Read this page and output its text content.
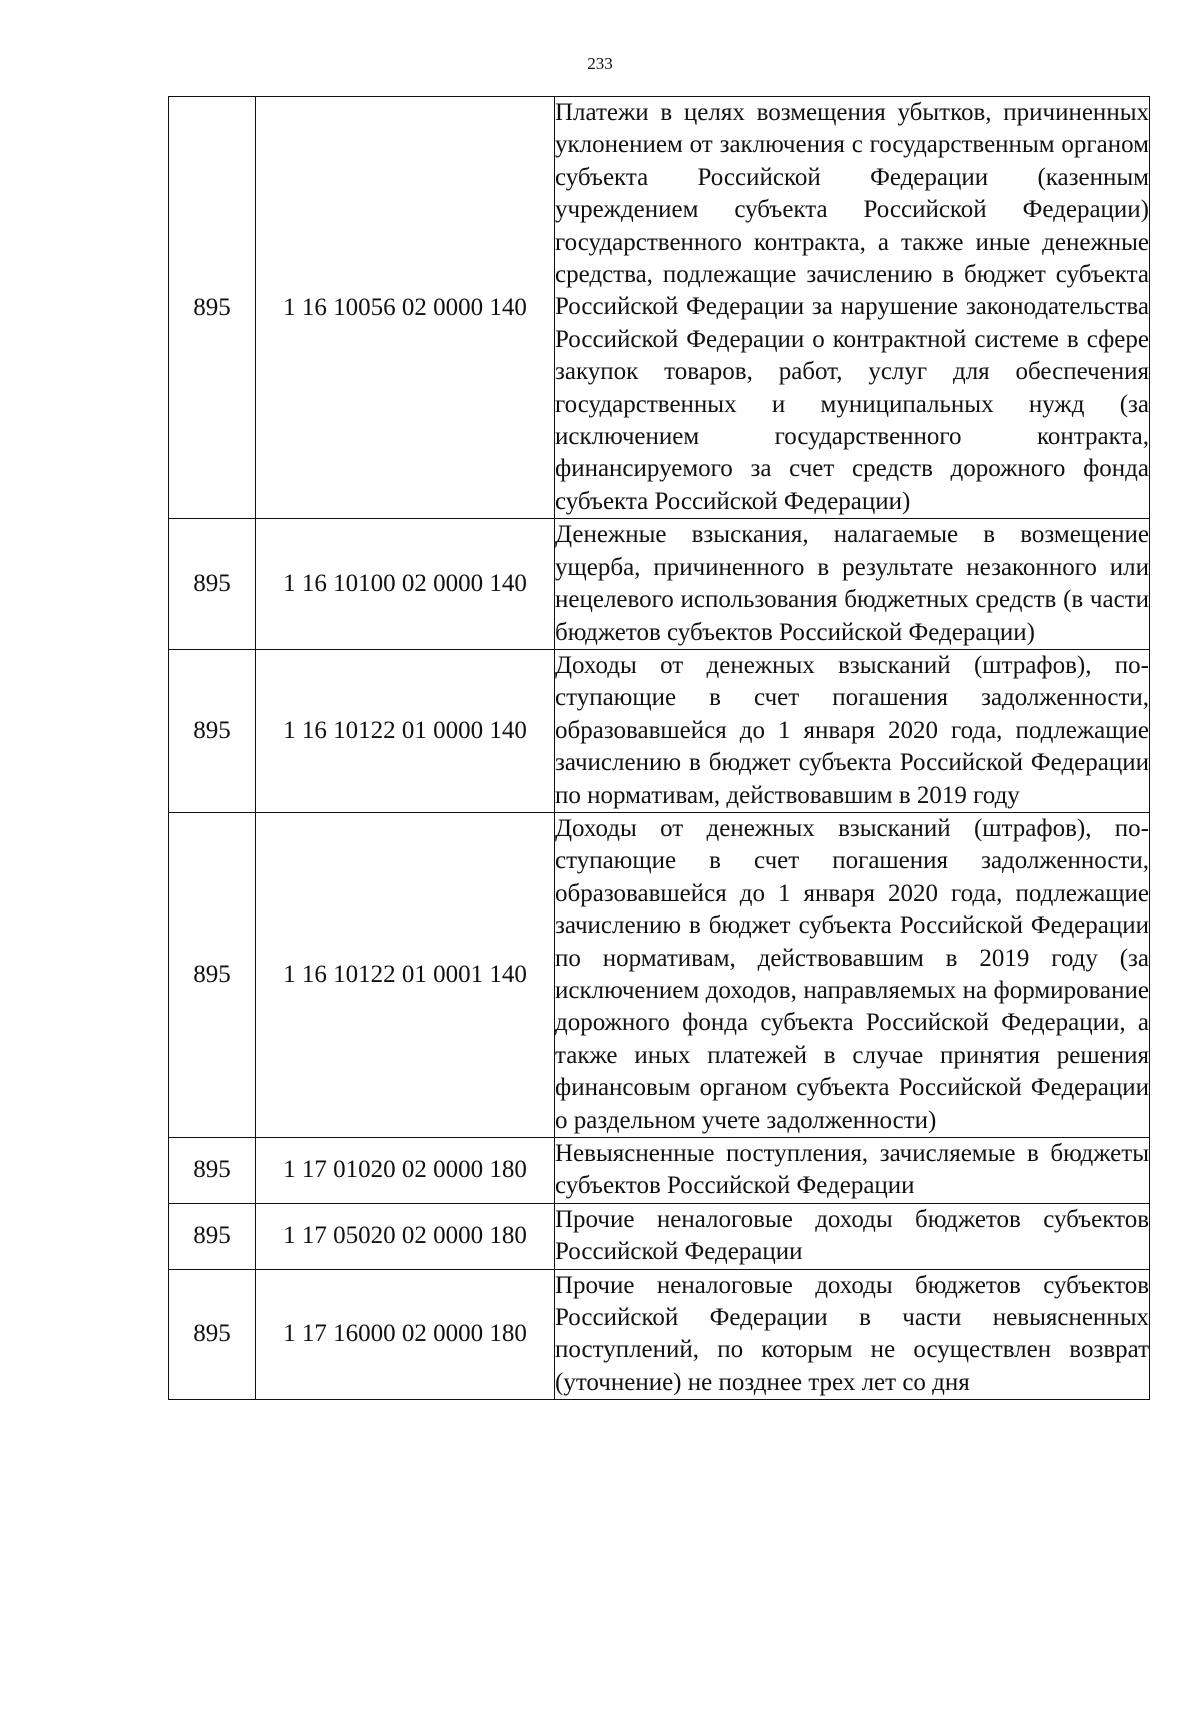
233
895	1 16 10056 02 0000 140	Платежи в целях возмещения убытков, причиненных уклонением от заключения с государственным органом субъекта Российской Федерации (казенным учреждением субъекта Российской Федерации) государственного контракта, а также иные денежные средства, подлежащие зачислению в бюджет субъекта Российской Федерации за нарушение законодательства Российской Федерации о контрактной системе в сфере закупок товаров, работ, услуг для обеспечения государственных и муниципальных нужд (за исключением государственного контракта, финансируемого за счет средств дорожного фонда субъекта Российской Федерации)
895	1 16 10100 02 0000 140	Денежные взыскания, налагаемые в возмещение ущерба, причиненного в результате незаконного или нецелевого использования бюджетных средств (в части бюджетов субъектов Российской Федерации)
895	1 16 10122 01 0000 140	Доходы от денежных взысканий (штрафов), поступающие в счет погашения задолженности, образовавшейся до 1 января 2020 года, подлежащие зачислению в бюджет субъекта Российской Федерации по нормативам, действовавшим в 2019 году
895	1 16 10122 01 0001 140	Доходы от денежных взысканий (штрафов), поступающие в счет погашения задолженности, образовавшейся до 1 января 2020 года, подлежащие зачислению в бюджет субъекта Российской Федерации по нормативам, действовавшим в 2019 году (за исключением доходов, направляемых на формирование дорожного фонда субъекта Российской Федерации, а также иных платежей в случае принятия решения финансовым органом субъекта Российской Федерации о раздельном учете задолженности)
895	1 17 01020 02 0000 180	Невыясненные поступления, зачисляемые в бюджеты субъектов Российской Федерации
895	1 17 05020 02 0000 180	Прочие неналоговые доходы бюджетов субъектов Российской Федерации
895	1 17 16000 02 0000 180	Прочие неналоговые доходы бюджетов субъектов Российской Федерации в части невыясненных поступлений, по которым не осуществлен возврат (уточнение) не позднее трех лет со дня
